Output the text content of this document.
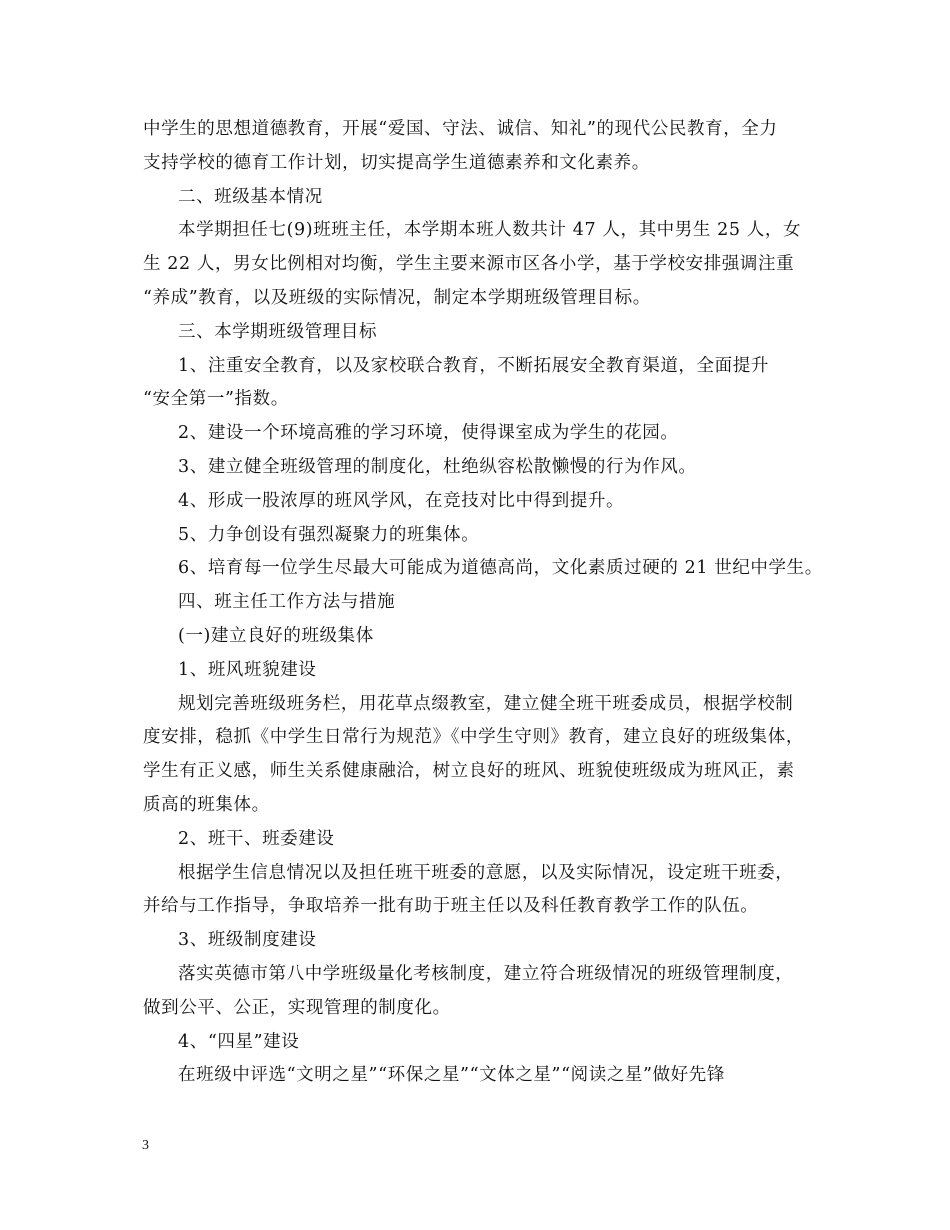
中学生的思想道德教育，开展“爱国、守法、诚信、知礼”的现代公民教育，全力
支持学校的德育工作计划，切实提高学生道德素养和文化素养。
二、班级基本情况
本学期担任七(9)班班主任，本学期本班人数共计 47 人，其中男生 25 人，女
生 22 人，男女比例相对均衡，学生主要来源市区各小学，基于学校安排强调注重
“养成”教育，以及班级的实际情况，制定本学期班级管理目标。
三、本学期班级管理目标
1、注重安全教育，以及家校联合教育，不断拓展安全教育渠道，全面提升
“安全第一”指数。
2、建设一个环境高雅的学习环境，使得课室成为学生的花园。
3、建立健全班级管理的制度化，杜绝纵容松散懒慢的行为作风。
4、形成一股浓厚的班风学风，在竞技对比中得到提升。
5、力争创设有强烈凝聚力的班集体。
6、培育每一位学生尽最大可能成为道德高尚，文化素质过硬的 21 世纪中学生。
四、班主任工作方法与措施
(一)建立良好的班级集体
1、班风班貌建设
规划完善班级班务栏，用花草点缀教室，建立健全班干班委成员，根据学校制
度安排，稳抓《中学生日常行为规范》《中学生守则》教育，建立良好的班级集体，
学生有正义感，师生关系健康融洽，树立良好的班风、班貌使班级成为班风正，素
质高的班集体。
2、班干、班委建设
根据学生信息情况以及担任班干班委的意愿，以及实际情况，设定班干班委，
并给与工作指导，争取培养一批有助于班主任以及科任教育教学工作的队伍。
3、班级制度建设
落实英德市第八中学班级量化考核制度，建立符合班级情况的班级管理制度，
做到公平、公正，实现管理的制度化。
4、“四星”建设
在班级中评选“文明之星”“环保之星”“文体之星”“阅读之星”做好先锋
3
